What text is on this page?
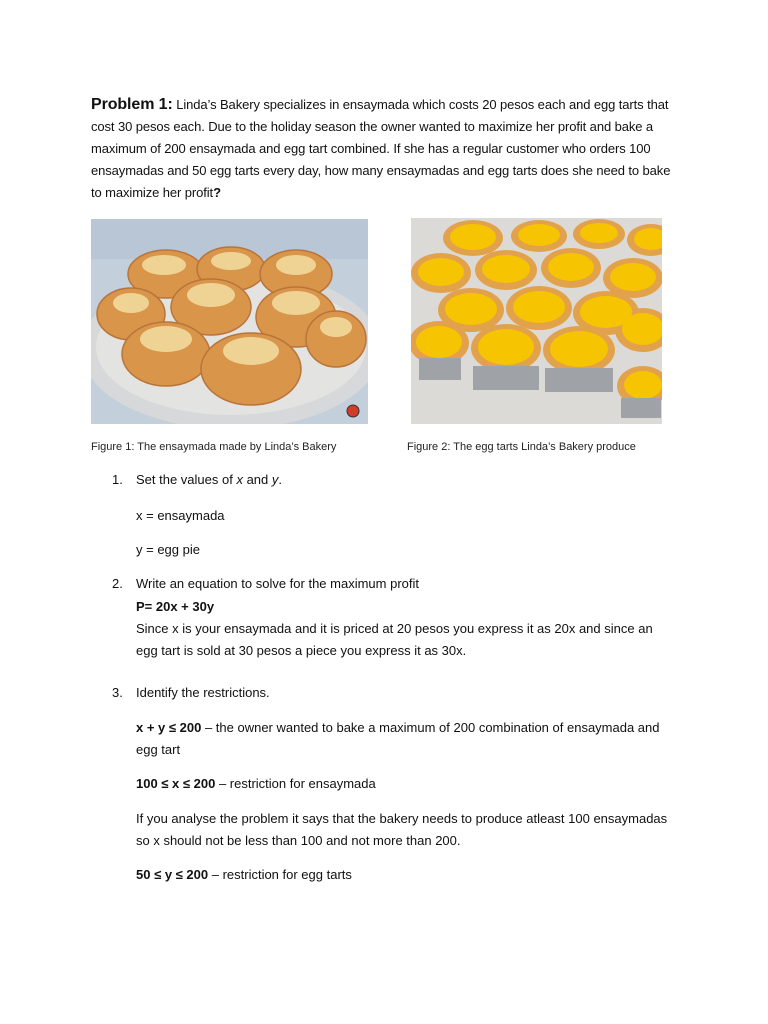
Problem 1: Linda’s Bakery specializes in ensaymada which costs 20 pesos each and egg tarts that cost 30 pesos each. Due to the holiday season the owner wanted to maximize her profit and bake a maximum of 200 ensaymada and egg tart combined. If she has a regular customer who orders 100 ensaymadas and 50 egg tarts every day, how many ensaymadas and egg tarts does she need to bake to maximize her profit?
Figure 1: The ensaymada made by Linda’s Bakery	Figure 2: The egg tarts Linda’s Bakery produce
1. Set the values of x and y.
x = ensaymada
y = egg pie
2. Write an equation to solve for the maximum profit
P= 20x + 30y
Since x is your ensaymada and it is priced at 20 pesos you express it as 20x and since an egg tart is sold at 30 pesos a piece you express it as 30x.
3. Identify the restrictions.
x + y ≤ 200 – the owner wanted to bake a maximum of 200 combination of ensaymada and egg tart
100 ≤ x ≤ 200 – restriction for ensaymada
If you analyse the problem it says that the bakery needs to produce atleast 100 ensaymadas so x should not be less than 100 and not more than 200.
50 ≤ y ≤ 200 – restriction for egg tarts
